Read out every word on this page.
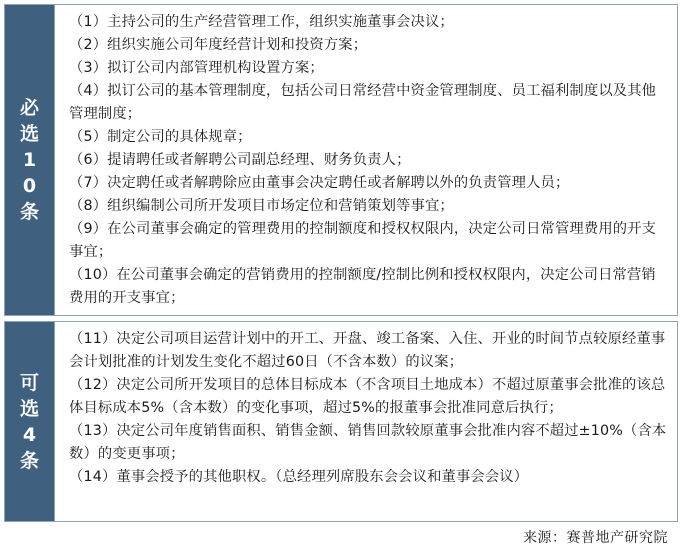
必选10条
（1）主持公司的生产经营管理工作，组织实施董事会决议；
（2）组织实施公司年度经营计划和投资方案；
（3）拟订公司内部管理机构设置方案；
（4）拟订公司的基本管理制度，包括公司日常经营中资金管理制度、员工福利制度以及其他管理制度；
（5）制定公司的具体规章；
（6）提请聘任或者解聘公司副总经理、财务负责人；
（7）决定聘任或者解聘除应由董事会决定聘任或者解聘以外的负责管理人员；
（8）组织编制公司所开发项目市场定位和营销策划等事宜；
（9）在公司董事会确定的管理费用的控制额度和授权权限内，决定公司日常管理费用的开支事宜；
（10）在公司董事会确定的营销费用的控制额度/控制比例和授权权限内，决定公司日常营销费用的开支事宜；
可选4条
（11）决定公司项目运营计划中的开工、开盘、竣工备案、入住、开业的时间节点较原经董事会计划批准的计划发生变化不超过60日（不含本数）的议案；
（12）决定公司所开发项目的总体目标成本（不含项目土地成本）不超过原董事会批准的该总体目标成本5%（含本数）的变化事项，超过5%的报董事会批准同意后执行；
（13）决定公司年度销售面积、销售金额、销售回款较原董事会批准内容不超过±10%（含本数）的变更事项；
（14）董事会授予的其他职权。（总经理列席股东会会议和董事会会议）
来源：赛普地产研究院
